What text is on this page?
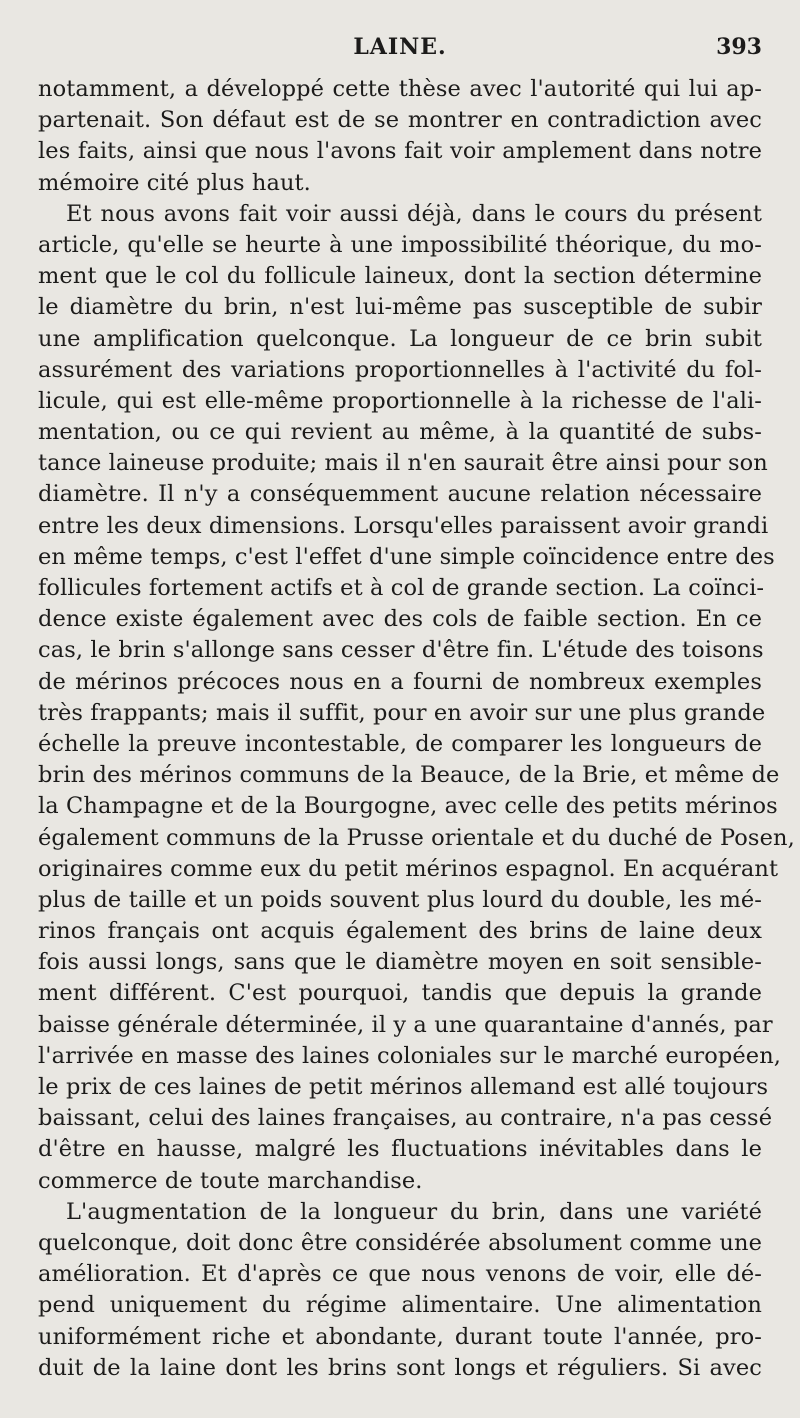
LAINE.	393
notamment, a développé cette thèse avec l'autorité qui lui ap-
partenait. Son défaut est de se montrer en contradiction avec
les faits, ainsi que nous l'avons fait voir amplement dans notre
mémoire cité plus haut.
Et nous avons fait voir aussi déjà, dans le cours du présent
article, qu'elle se heurte à une impossibilité théorique, du mo-
ment que le col du follicule laineux, dont la section détermine
le diamètre du brin, n'est lui-même pas susceptible de subir
une amplification quelconque. La longueur de ce brin subit
assurément des variations proportionnelles à l'activité du fol-
licule, qui est elle-même proportionnelle à la richesse de l'ali-
mentation, ou ce qui revient au même, à la quantité de subs-
tance laineuse produite; mais il n'en saurait être ainsi pour son
diamètre. Il n'y a conséquemment aucune relation nécessaire
entre les deux dimensions. Lorsqu'elles paraissent avoir grandi
en même temps, c'est l'effet d'une simple coïncidence entre des
follicules fortement actifs et à col de grande section. La coïnci-
dence existe également avec des cols de faible section. En ce
cas, le brin s'allonge sans cesser d'être fin. L'étude des toisons
de mérinos précoces nous en a fourni de nombreux exemples
très frappants; mais il suffit, pour en avoir sur une plus grande
échelle la preuve incontestable, de comparer les longueurs de
brin des mérinos communs de la Beauce, de la Brie, et même de
la Champagne et de la Bourgogne, avec celle des petits mérinos
également communs de la Prusse orientale et du duché de Posen,
originaires comme eux du petit mérinos espagnol. En acquérant
plus de taille et un poids souvent plus lourd du double, les mé-
rinos français ont acquis également des brins de laine deux
fois aussi longs, sans que le diamètre moyen en soit sensible-
ment différent. C'est pourquoi, tandis que depuis la grande
baisse générale déterminée, il y a une quarantaine d'annés, par
l'arrivée en masse des laines coloniales sur le marché européen,
le prix de ces laines de petit mérinos allemand est allé toujours
baissant, celui des laines françaises, au contraire, n'a pas cessé
d'être en hausse, malgré les fluctuations inévitables dans le
commerce de toute marchandise.
L'augmentation de la longueur du brin, dans une variété
quelconque, doit donc être considérée absolument comme une
amélioration. Et d'après ce que nous venons de voir, elle dé-
pend uniquement du régime alimentaire. Une alimentation
uniformément riche et abondante, durant toute l'année, pro-
duit de la laine dont les brins sont longs et réguliers. Si avec
